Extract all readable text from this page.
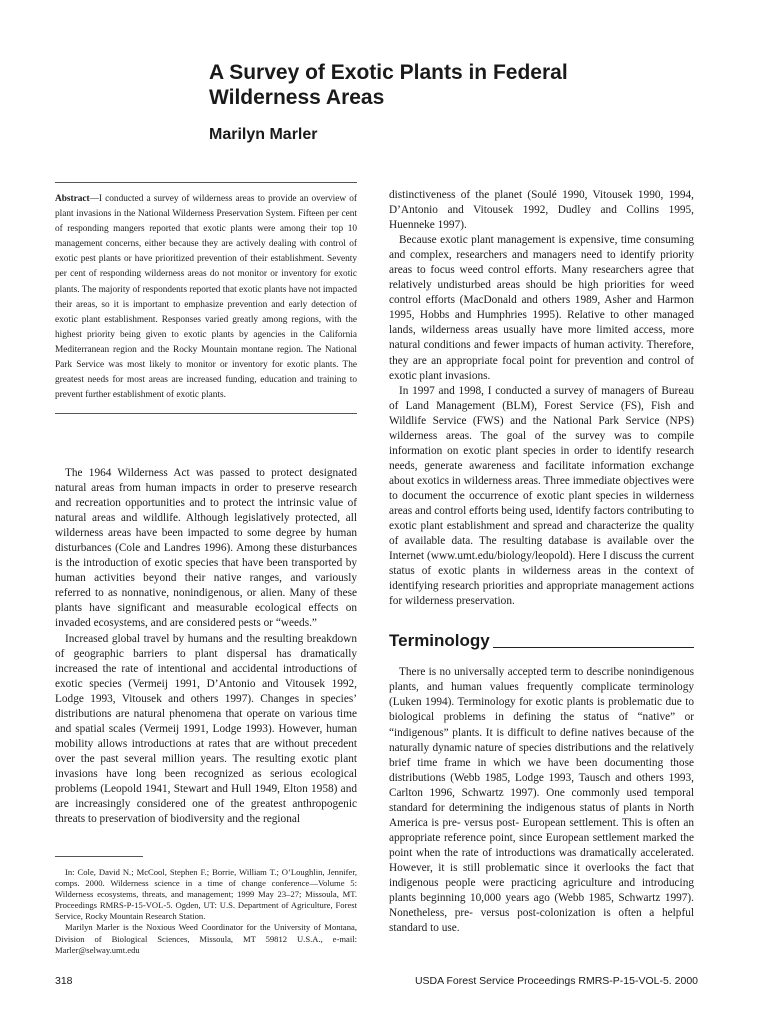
A Survey of Exotic Plants in Federal Wilderness Areas
Marilyn Marler
Abstract—I conducted a survey of wilderness areas to provide an overview of plant invasions in the National Wilderness Preservation System. Fifteen per cent of responding mangers reported that exotic plants were among their top 10 management concerns, either because they are actively dealing with control of exotic pest plants or have prioritized prevention of their establishment. Seventy per cent of responding wilderness areas do not monitor or inventory for exotic plants. The majority of respondents reported that exotic plants have not impacted their areas, so it is important to emphasize prevention and early detection of exotic plant establishment. Responses varied greatly among regions, with the highest priority being given to exotic plants by agencies in the California Mediterranean region and the Rocky Mountain montane region. The National Park Service was most likely to monitor or inventory for exotic plants. The greatest needs for most areas are increased funding, education and training to prevent further establishment of exotic plants.

The 1964 Wilderness Act was passed to protect designated natural areas from human impacts in order to preserve research and recreation opportunities and to protect the intrinsic value of natural areas and wildlife. Although legislatively protected, all wilderness areas have been impacted to some degree by human disturbances (Cole and Landres 1996). Among these disturbances is the introduction of exotic species that have been transported by human activities beyond their native ranges, and variously referred to as nonnative, nonindigenous, or alien. Many of these plants have significant and measurable ecological effects on invaded ecosystems, and are considered pests or “weeds.”

Increased global travel by humans and the resulting breakdown of geographic barriers to plant dispersal has dramatically increased the rate of intentional and accidental introductions of exotic species (Vermeij 1991, D’Antonio and Vitousek 1992, Lodge 1993, Vitousek and others 1997). Changes in species’ distributions are natural phenomena that operate on various time and spatial scales (Vermeij 1991, Lodge 1993). However, human mobility allows introductions at rates that are without precedent over the past several million years. The resulting exotic plant invasions have long been recognized as serious ecological problems (Leopold 1941, Stewart and Hull 1949, Elton 1958) and are increasingly considered one of the greatest anthropogenic threats to preservation of biodiversity and the regional

In: Cole, David N.; McCool, Stephen F.; Borrie, William T.; O’Loughlin, Jennifer, comps. 2000. Wilderness science in a time of change conference—Volume 5: Wilderness ecosystems, threats, and management; 1999 May 23–27; Missoula, MT. Proceedings RMRS-P-15-VOL-5. Ogden, UT: U.S. Department of Agriculture, Forest Service, Rocky Mountain Research Station.

Marilyn Marler is the Noxious Weed Coordinator for the University of Montana, Division of Biological Sciences, Missoula, MT 59812 U.S.A., e-mail: Marler@selway.umt.edu

distinctiveness of the planet (Soulé 1990, Vitousek 1990, 1994, D’Antonio and Vitousek 1992, Dudley and Collins 1995, Huenneke 1997).

Because exotic plant management is expensive, time consuming and complex, researchers and managers need to identify priority areas to focus weed control efforts. Many researchers agree that relatively undisturbed areas should be high priorities for weed control efforts (MacDonald and others 1989, Asher and Harmon 1995, Hobbs and Humphries 1995). Relative to other managed lands, wilderness areas usually have more limited access, more natural conditions and fewer impacts of human activity. Therefore, they are an appropriate focal point for prevention and control of exotic plant invasions.

In 1997 and 1998, I conducted a survey of managers of Bureau of Land Management (BLM), Forest Service (FS), Fish and Wildlife Service (FWS) and the National Park Service (NPS) wilderness areas. The goal of the survey was to compile information on exotic plant species in order to identify research needs, generate awareness and facilitate information exchange about exotics in wilderness areas. Three immediate objectives were to document the occurrence of exotic plant species in wilderness areas and control efforts being used, identify factors contributing to exotic plant establishment and spread and characterize the quality of available data. The resulting database is available over the Internet (www.umt.edu/biology/leopold). Here I discuss the current status of exotic plants in wilderness areas in the context of identifying research priorities and appropriate management actions for wilderness preservation.

Terminology

There is no universally accepted term to describe nonindigenous plants, and human values frequently complicate terminology (Luken 1994). Terminology for exotic plants is problematic due to biological problems in defining the status of “native” or “indigenous” plants. It is difficult to define natives because of the naturally dynamic nature of species distributions and the relatively brief time frame in which we have been documenting those distributions (Webb 1985, Lodge 1993, Tausch and others 1993, Carlton 1996, Schwartz 1997). One commonly used temporal standard for determining the indigenous status of plants in North America is pre- versus post- European settlement. This is often an appropriate reference point, since European settlement marked the point when the rate of introductions was dramatically accelerated. However, it is still problematic since it overlooks the fact that indigenous people were practicing agriculture and introducing plants beginning 10,000 years ago (Webb 1985, Schwartz 1997). Nonetheless, pre- versus post-colonization is often a helpful standard to use.

318	USDA Forest Service Proceedings RMRS-P-15-VOL-5. 2000
